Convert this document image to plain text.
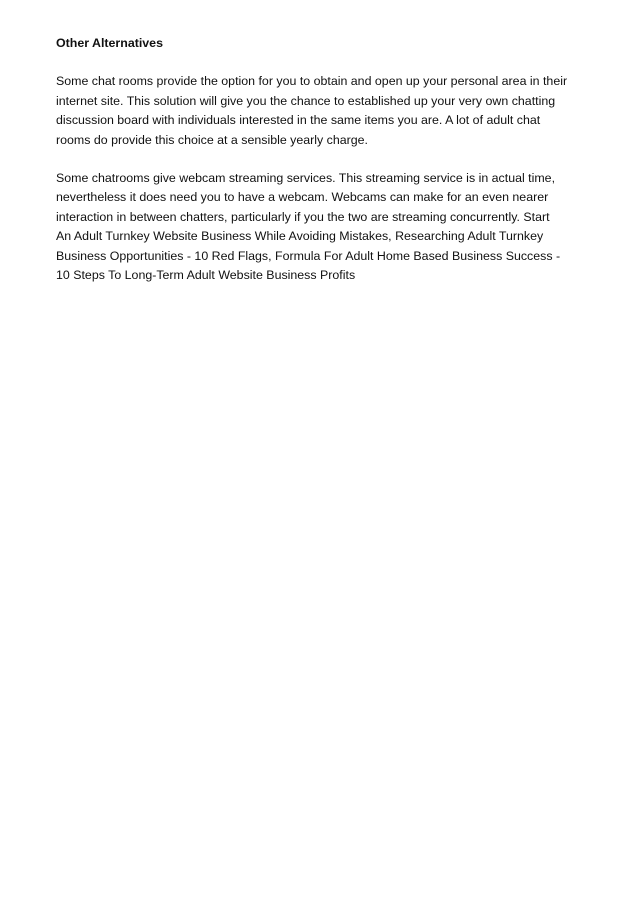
Other Alternatives
Some chat rooms provide the option for you to obtain and open up your personal area in their
internet site. This solution will give you the chance to established up your very own chatting
discussion board with individuals interested in the same items you are. A lot of adult chat
rooms do provide this choice at a sensible yearly charge.
Some chatrooms give webcam streaming services. This streaming service is in actual time,
nevertheless it does need you to have a webcam. Webcams can make for an even nearer
interaction in between chatters, particularly if you the two are streaming concurrently. Start
An Adult Turnkey Website Business While Avoiding Mistakes, Researching Adult Turnkey
Business Opportunities - 10 Red Flags, Formula For Adult Home Based Business Success -
10 Steps To Long-Term Adult Website Business Profits
